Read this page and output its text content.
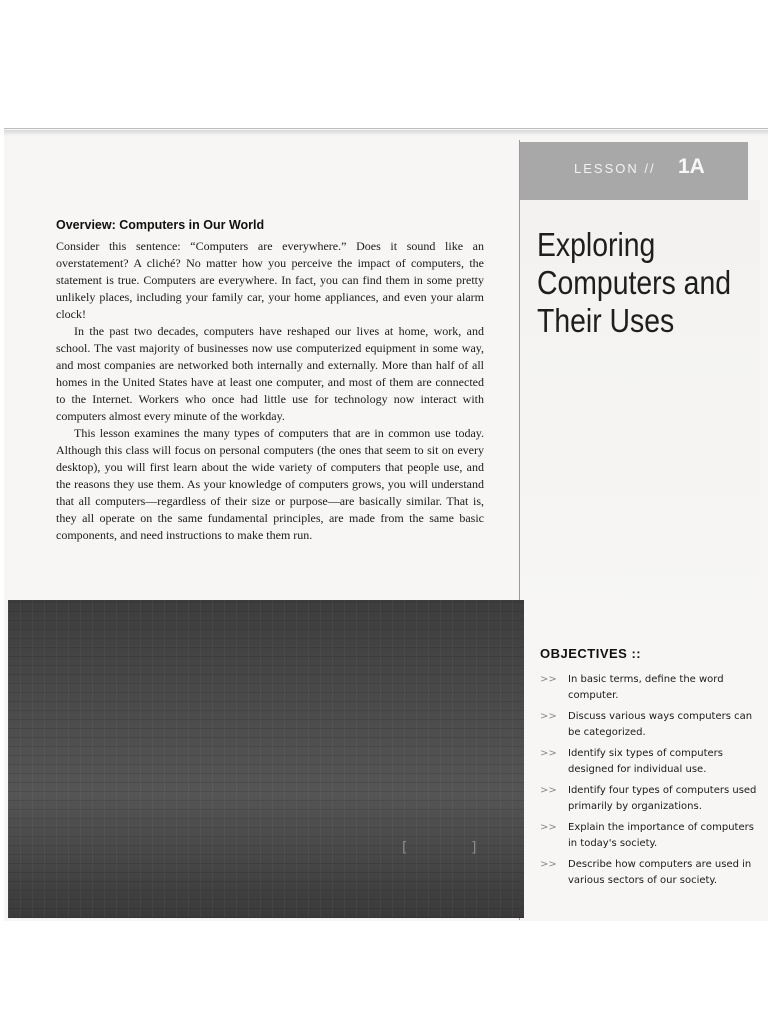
LESSON // 1A
Exploring
Computers and
Their Uses
Overview: Computers in Our World

Consider this sentence: “Computers are everywhere.” Does it sound like an overstatement? A cliché? No matter how you perceive the impact of computers, the statement is true. Computers are everywhere. In fact, you can find them in some pretty unlikely places, including your family car, your home appliances, and even your alarm clock!

In the past two decades, computers have reshaped our lives at home, work, and school. The vast majority of businesses now use computerized equipment in some way, and most companies are networked both internally and externally. More than half of all homes in the United States have at least one computer, and most of them are connected to the Internet. Workers who once had little use for technology now interact with computers almost every minute of the workday.

This lesson examines the many types of computers that are in common use today. Although this class will focus on personal computers (the ones that seem to sit on every desktop), you will first learn about the wide variety of computers that people use, and the reasons they use them. As your knowledge of computers grows, you will understand that all computers—regardless of their size or purpose—are basically similar. That is, they all operate on the same fundamental principles, are made from the same basic components, and need instructions to make them run.

[	]
OBJECTIVES ::
>> In basic terms, define the word computer.
>> Discuss various ways computers can be categorized.
>> Identify six types of computers designed for individual use.
>> Identify four types of computers used primarily by organizations.
>> Explain the importance of computers in today's society.
>> Describe how computers are used in various sectors of our society.
